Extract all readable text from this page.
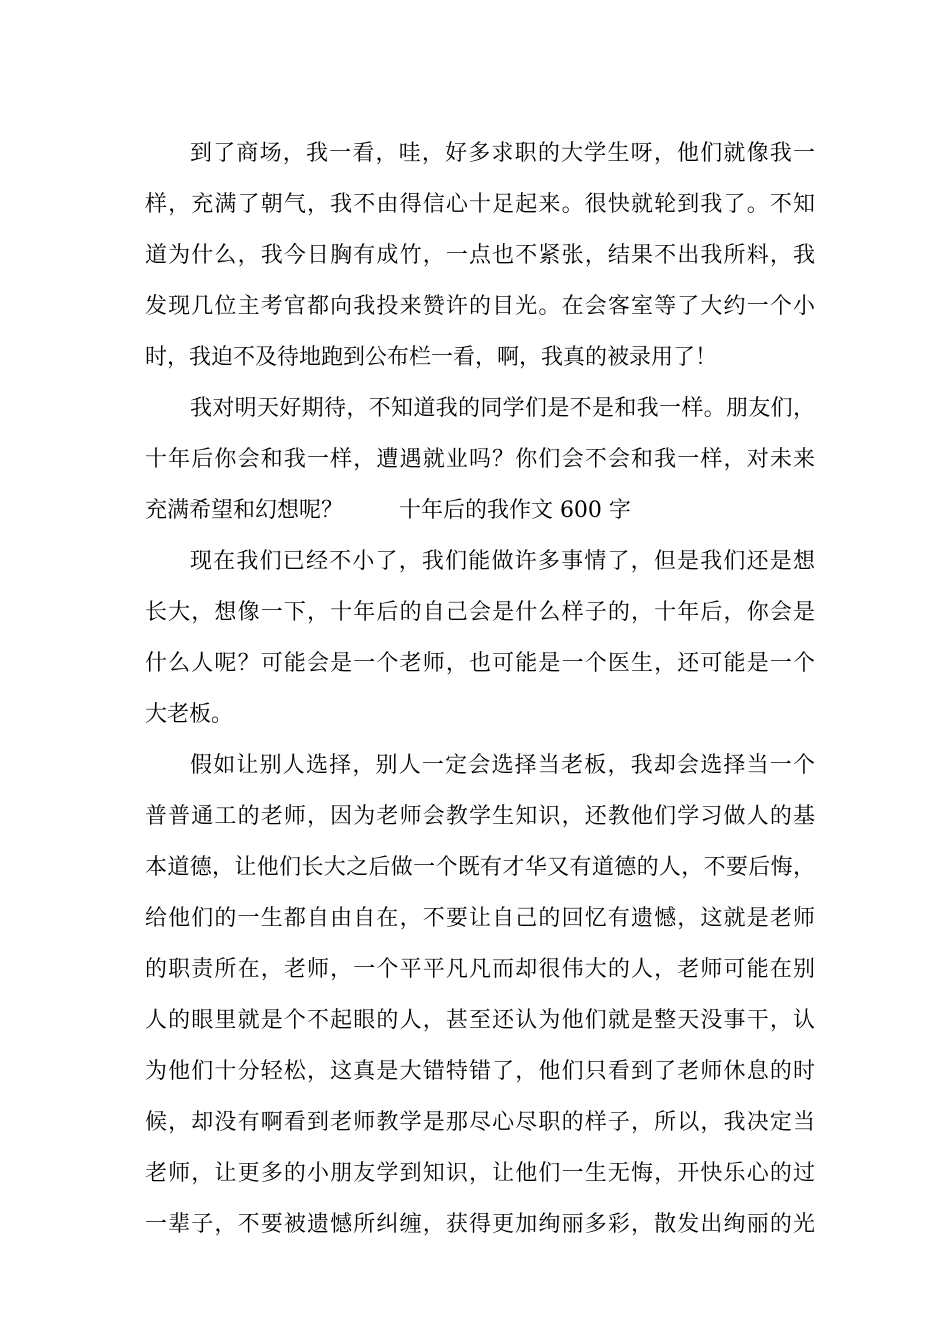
到了商场，我一看，哇，好多求职的大学生呀，他们就像我一
样，充满了朝气，我不由得信心十足起来。很快就轮到我了。不知
道为什么，我今日胸有成竹，一点也不紧张，结果不出我所料，我
发现几位主考官都向我投来赞许的目光。在会客室等了大约一个小
时，我迫不及待地跑到公布栏一看，啊，我真的被录用了！
我对明天好期待，不知道我的同学们是不是和我一样。朋友们，
十年后你会和我一样，遭遇就业吗？你们会不会和我一样，对未来
充满希望和幻想呢？        十年后的我作文 600 字
现在我们已经不小了，我们能做许多事情了，但是我们还是想
长大，想像一下，十年后的自己会是什么样子的，十年后，你会是
什么人呢？可能会是一个老师，也可能是一个医生，还可能是一个
大老板。
假如让别人选择，别人一定会选择当老板，我却会选择当一个
普普通工的老师，因为老师会教学生知识，还教他们学习做人的基
本道德，让他们长大之后做一个既有才华又有道德的人，不要后悔，
给他们的一生都自由自在，不要让自己的回忆有遗憾，这就是老师
的职责所在，老师，一个平平凡凡而却很伟大的人，老师可能在别
人的眼里就是个不起眼的人，甚至还认为他们就是整天没事干，认
为他们十分轻松，这真是大错特错了，他们只看到了老师休息的时
候，却没有啊看到老师教学是那尽心尽职的样子，所以，我决定当
老师，让更多的小朋友学到知识，让他们一生无悔，开快乐心的过
一辈子，不要被遗憾所纠缠，获得更加绚丽多彩，散发出绚丽的光
